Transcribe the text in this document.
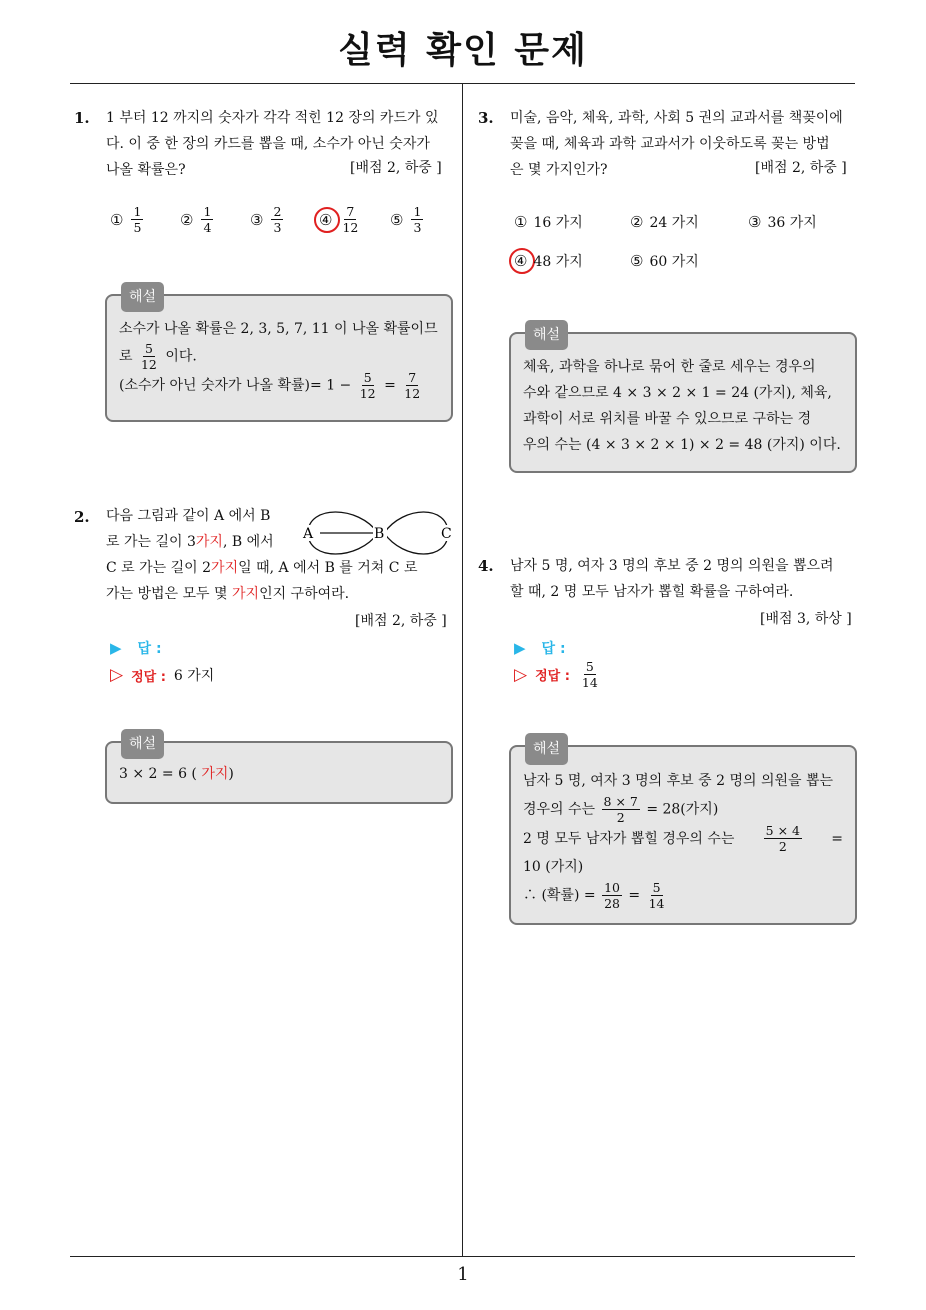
실력 확인 문제
1
1. 1 부터 12 까지의 숫자가 각각 적힌 12 장의 카드가 있
다. 이 중 한 장의 카드를 뽑을 때, 소수가 아닌 숫자가
나올 확률은?	[배점 2, 하중 ]
① $\frac{1}{5}$ ② $\frac{1}{4}$ ③ $\frac{2}{3}$ ④ $\frac{7}{12}$ ⑤ $\frac{1}{3}$
해설
소수가 나올 확률은 2, 3, 5, 7, 11 이 나올 확률이므
로 $\frac{5}{12}$ 이다.
(소수가 아닌 숫자가 나올 확률)= $1 - \frac{5}{12} = \frac{7}{12}$
2. 다음 그림과 같이 A 에서 B
로 가는 길이 3가지, B 에서
C 로 가는 길이 2가지일 때, A 에서 B 를 거쳐 C 로
가는 방법은 모두 몇 가지인지 구하여라.
[배점 2, 하중 ]
A	B	C
▶ 답 :
▷ 정답 : 6 가지
해설
3 × 2 = 6 ( 가지)
3. 미술, 음악, 체육, 과학, 사회 5 권의 교과서를 책꽂이에
꽂을 때, 체육과 과학 교과서가 이웃하도록 꽂는 방법
은 몇 가지인가?	[배점 2, 하중 ]
① 16 가지	② 24 가지	③ 36 가지
④ 48 가지	⑤ 60 가지
해설
체육, 과학을 하나로 묶어 한 줄로 세우는 경우의
수와 같으므로 4 × 3 × 2 × 1 = 24 (가지), 체육,
과학이 서로 위치를 바꿀 수 있으므로 구하는 경
우의 수는 (4 × 3 × 2 × 1) × 2 = 48 (가지) 이다.
4. 남자 5 명, 여자 3 명의 후보 중 2 명의 의원을 뽑으려
할 때, 2 명 모두 남자가 뽑힐 확률을 구하여라.
[배점 3, 하상 ]
▶ 답 :
▷ 정답 : $\frac{5}{14}$
해설
남자 5 명, 여자 3 명의 후보 중 2 명의 의원을 뽑는
경우의 수는 $\frac{8 \times 7}{2} = 28$(가지)
2 명 모두 남자가 뽑힐 경우의 수는 $\frac{5 \times 4}{2}$ =
10 (가지)
∴ (확률) = $\frac{10}{28} = \frac{5}{14}$
